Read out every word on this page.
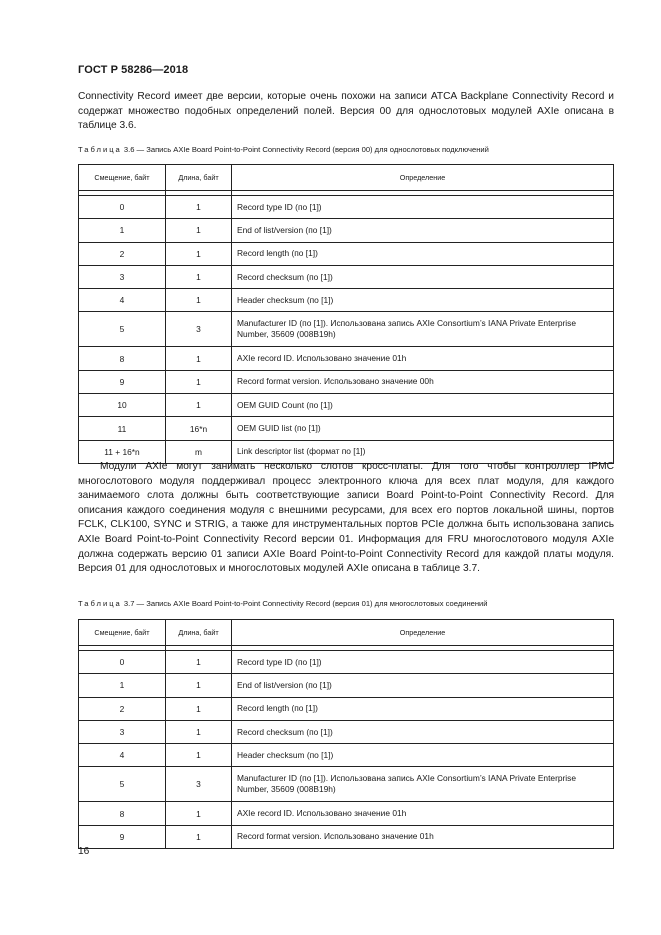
ГОСТ Р 58286—2018

Connectivity Record имеет две версии, которые очень похожи на записи ATCA Backplane Connectivity Record и содержат множество подобных определений полей. Версия 00 для однослотовых модулей AXIe описана в таблице 3.6.

Таблица 3.6 — Запись AXIe Board Point-to-Point Connectivity Record (версия 00) для однослотовых подключений
Смещение, байт	Длина, байт	Определение

0	1	Record type ID (по [1])
1	1	End of list/version (по [1])
2	1	Record length (по [1])
3	1	Record checksum (по [1])
4	1	Header checksum (по [1])
5	3	Manufacturer ID (по [1]). Использована запись AXIe Consortium’s IANA Private Enterprise Number, 35609 (008B19h)
8	1	AXIe record ID. Использовано значение 01h
9	1	Record format version. Использовано значение 00h
10	1	OEM GUID Count (по [1])
11	16*n	OEM GUID list (по [1])
11 + 16*n	m	Link descriptor list (формат по [1])

Модули AXIe могут занимать несколько слотов кросс-платы. Для того чтобы контроллер IPMC многослотового модуля поддерживал процесс электронного ключа для всех плат модуля, для каждого занимаемого слота должны быть соответствующие записи Board Point-to-Point Connectivity Record. Для описания каждого соединения модуля с внешними ресурсами, для всех его портов локальной шины, портов FCLK, CLK100, SYNC и STRIG, а также для инструментальных портов PCIe должна быть использована запись AXIe Board Point-to-Point Connectivity Record версии 01. Информация для FRU многослотового модуля AXIe должна содержать версию 01 записи AXIe Board Point-to-Point Connectivity Record для каждой платы модуля. Версия 01 для однослотовых и многослотовых модулей AXIe описана в таблице 3.7.

Таблица 3.7 — Запись AXIe Board Point-to-Point Connectivity Record (версия 01) для многослотовых соединений
Смещение, байт	Длина, байт	Определение

0	1	Record type ID (по [1])
1	1	End of list/version (по [1])
2	1	Record length (по [1])
3	1	Record checksum (по [1])
4	1	Header checksum (по [1])
5	3	Manufacturer ID (по [1]). Использована запись AXIe Consortium’s IANA Private Enterprise Number, 35609 (008B19h)
8	1	AXIe record ID. Использовано значение 01h
9	1	Record format version. Использовано значение 01h
16
